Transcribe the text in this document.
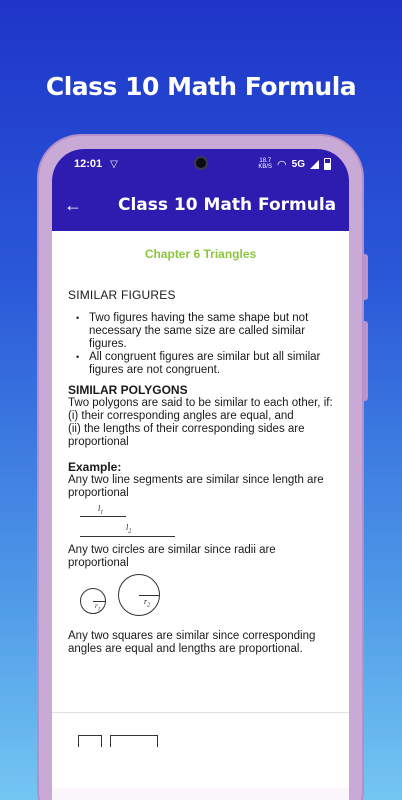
Class 10 Math Formula
12:01 ▽	18.7
KB/S ◠ 5G
←	Class 10 Math Formula
Chapter 6 Triangles
SIMILAR FIGURES
• Two figures having the same shape but not necessary the same size are called similar figures.
• All congruent figures are similar but all similar figures are not congruent.
SIMILAR POLYGONS
Two polygons are said to be similar to each other, if:
(i) their corresponding angles are equal, and
(ii) the lengths of their corresponding sides are proportional
Example:
Any two line segments are similar since length are proportional
$l_1$
$l_2$
Any two circles are similar since radii are proportional
$r_1$
$r_2$
Any two squares are similar since corresponding angles are equal and lengths are proportional.
